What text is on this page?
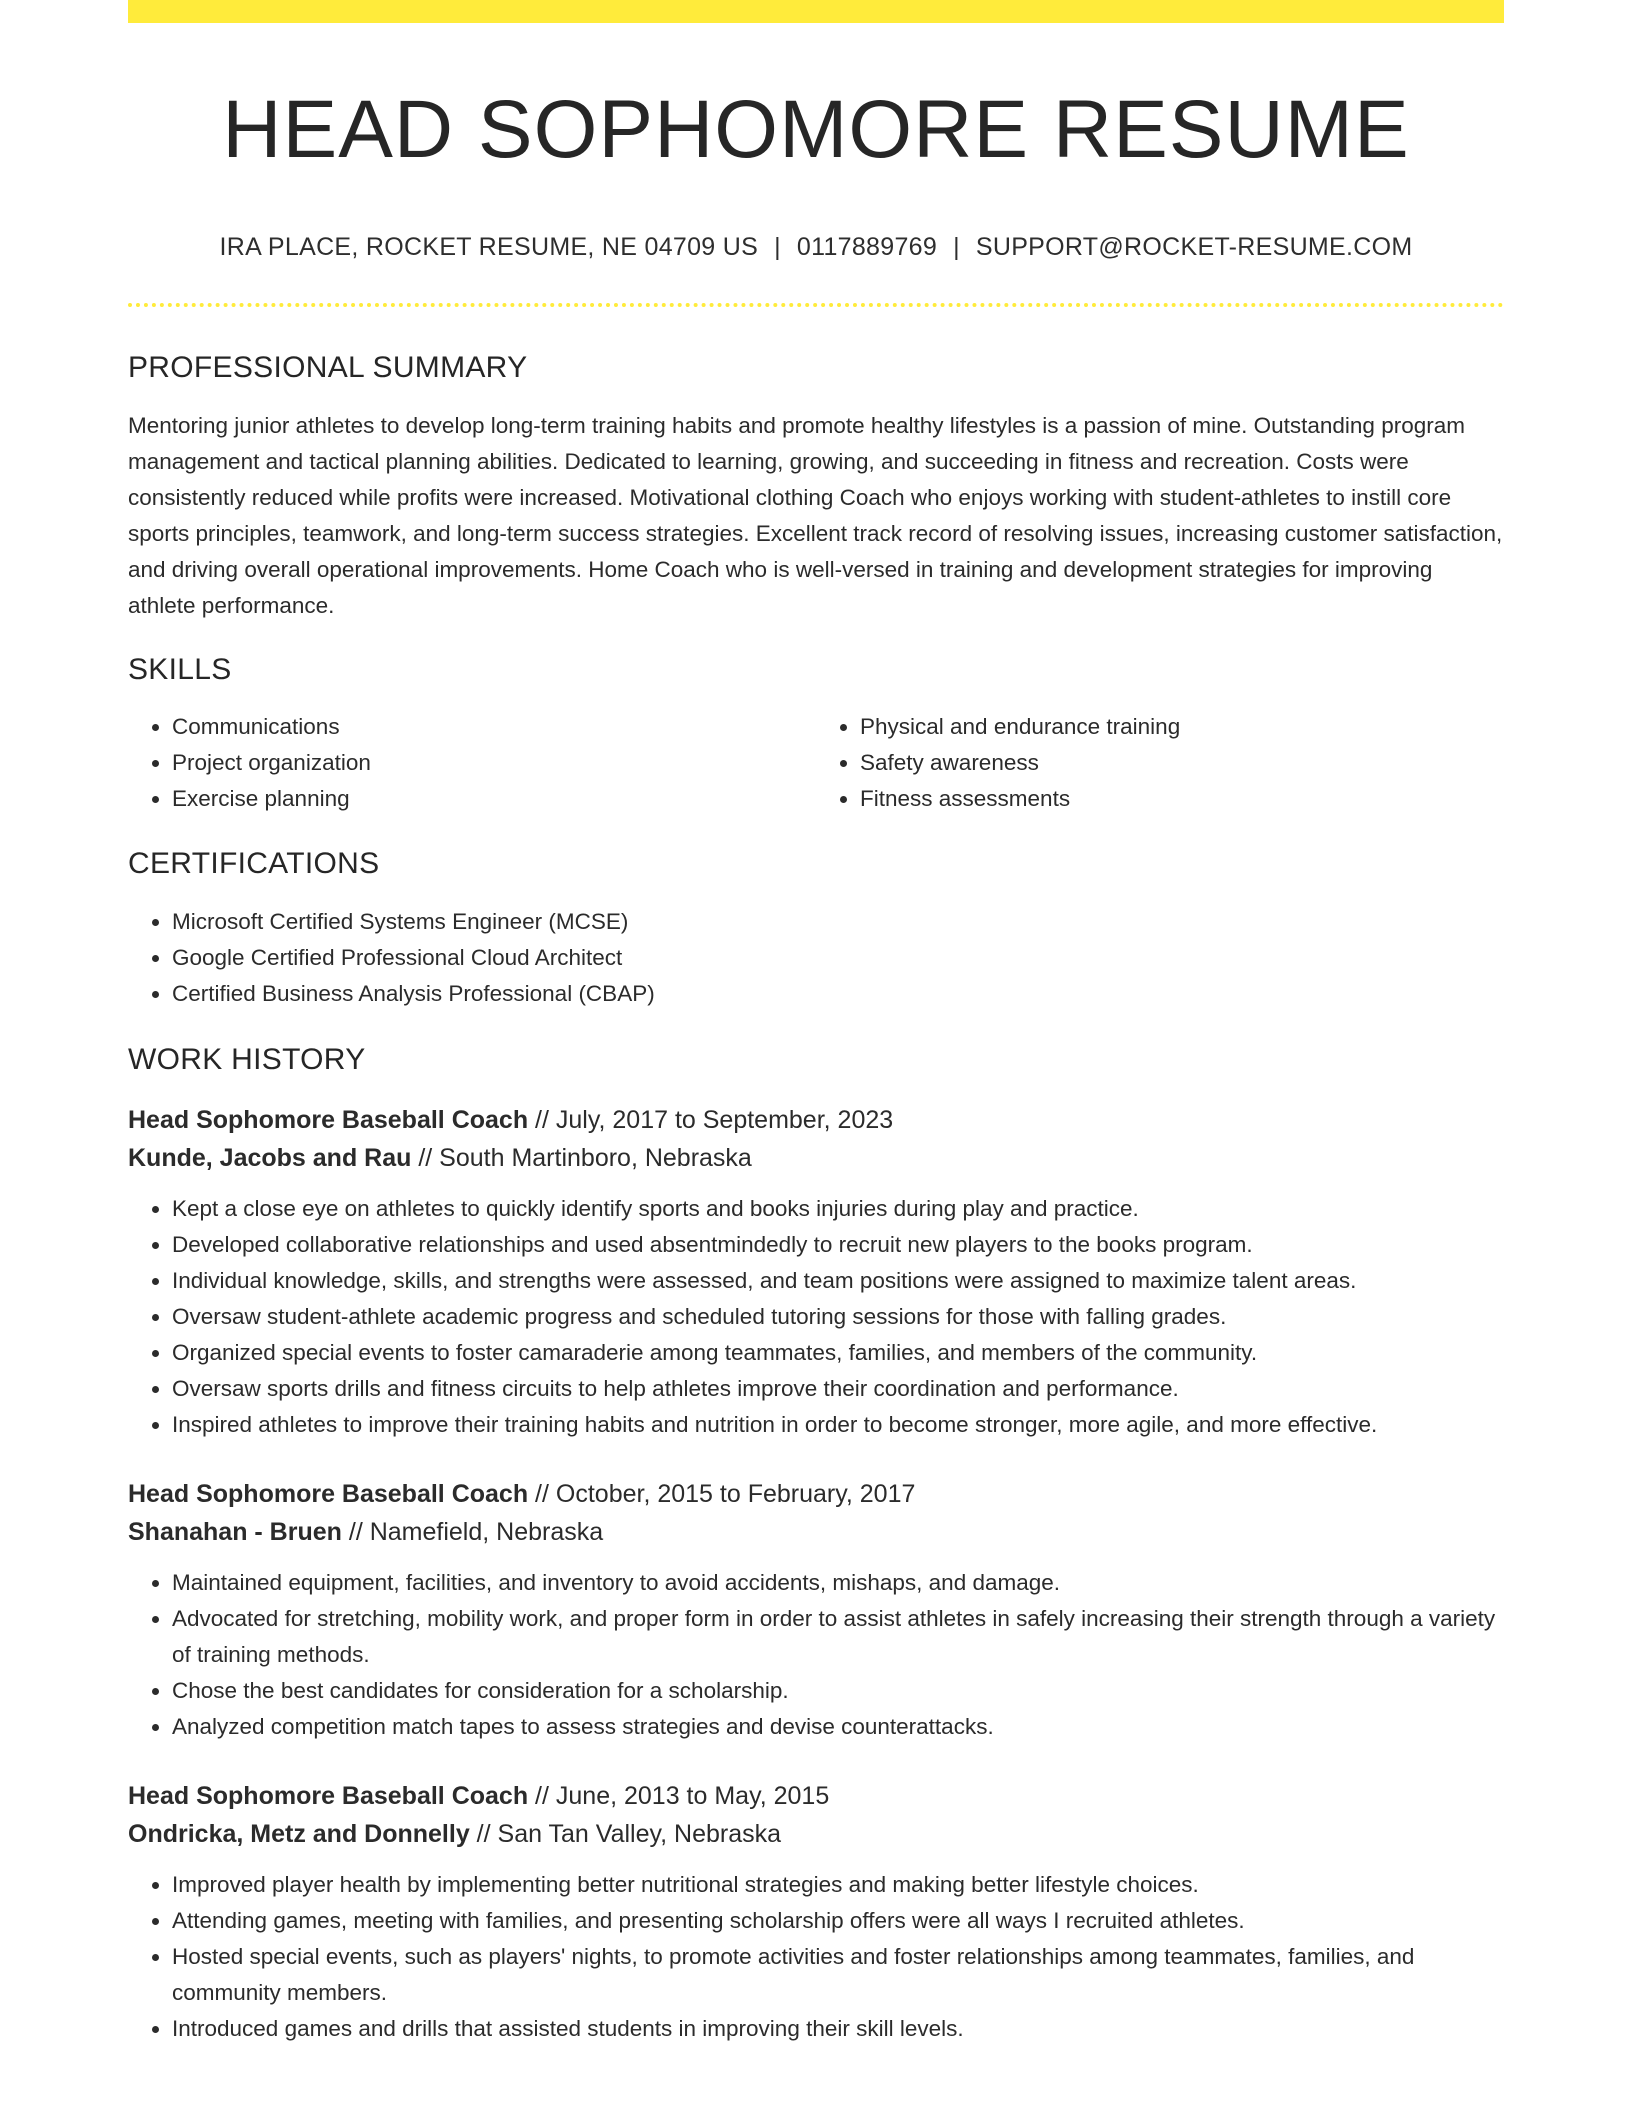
HEAD SOPHOMORE RESUME
IRA PLACE, ROCKET RESUME, NE 04709 US | 0117889769 | SUPPORT@ROCKET-RESUME.COM
PROFESSIONAL SUMMARY

Mentoring junior athletes to develop long-term training habits and promote healthy lifestyles is a passion of mine. Outstanding program management and tactical planning abilities. Dedicated to learning, growing, and succeeding in fitness and recreation. Costs were consistently reduced while profits were increased. Motivational clothing Coach who enjoys working with student-athletes to instill core sports principles, teamwork, and long-term success strategies. Excellent track record of resolving issues, increasing customer satisfaction, and driving overall operational improvements. Home Coach who is well-versed in training and development strategies for improving athlete performance.

SKILLS
• Communications
• Project organization
• Exercise planning
• Physical and endurance training
• Safety awareness
• Fitness assessments
CERTIFICATIONS
• Microsoft Certified Systems Engineer (MCSE)
• Google Certified Professional Cloud Architect
• Certified Business Analysis Professional (CBAP)
WORK HISTORY
Head Sophomore Baseball Coach // July, 2017 to September, 2023
Kunde, Jacobs and Rau // South Martinboro, Nebraska
• Kept a close eye on athletes to quickly identify sports and books injuries during play and practice.
• Developed collaborative relationships and used absentmindedly to recruit new players to the books program.
• Individual knowledge, skills, and strengths were assessed, and team positions were assigned to maximize talent areas.
• Oversaw student-athlete academic progress and scheduled tutoring sessions for those with falling grades.
• Organized special events to foster camaraderie among teammates, families, and members of the community.
• Oversaw sports drills and fitness circuits to help athletes improve their coordination and performance.
• Inspired athletes to improve their training habits and nutrition in order to become stronger, more agile, and more effective.
Head Sophomore Baseball Coach // October, 2015 to February, 2017
Shanahan - Bruen // Namefield, Nebraska
• Maintained equipment, facilities, and inventory to avoid accidents, mishaps, and damage.
• Advocated for stretching, mobility work, and proper form in order to assist athletes in safely increasing their strength through a variety of training methods.
• Chose the best candidates for consideration for a scholarship.
• Analyzed competition match tapes to assess strategies and devise counterattacks.
Head Sophomore Baseball Coach // June, 2013 to May, 2015
Ondricka, Metz and Donnelly // San Tan Valley, Nebraska
• Improved player health by implementing better nutritional strategies and making better lifestyle choices.
• Attending games, meeting with families, and presenting scholarship offers were all ways I recruited athletes.
• Hosted special events, such as players' nights, to promote activities and foster relationships among teammates, families, and community members.
• Introduced games and drills that assisted students in improving their skill levels.
